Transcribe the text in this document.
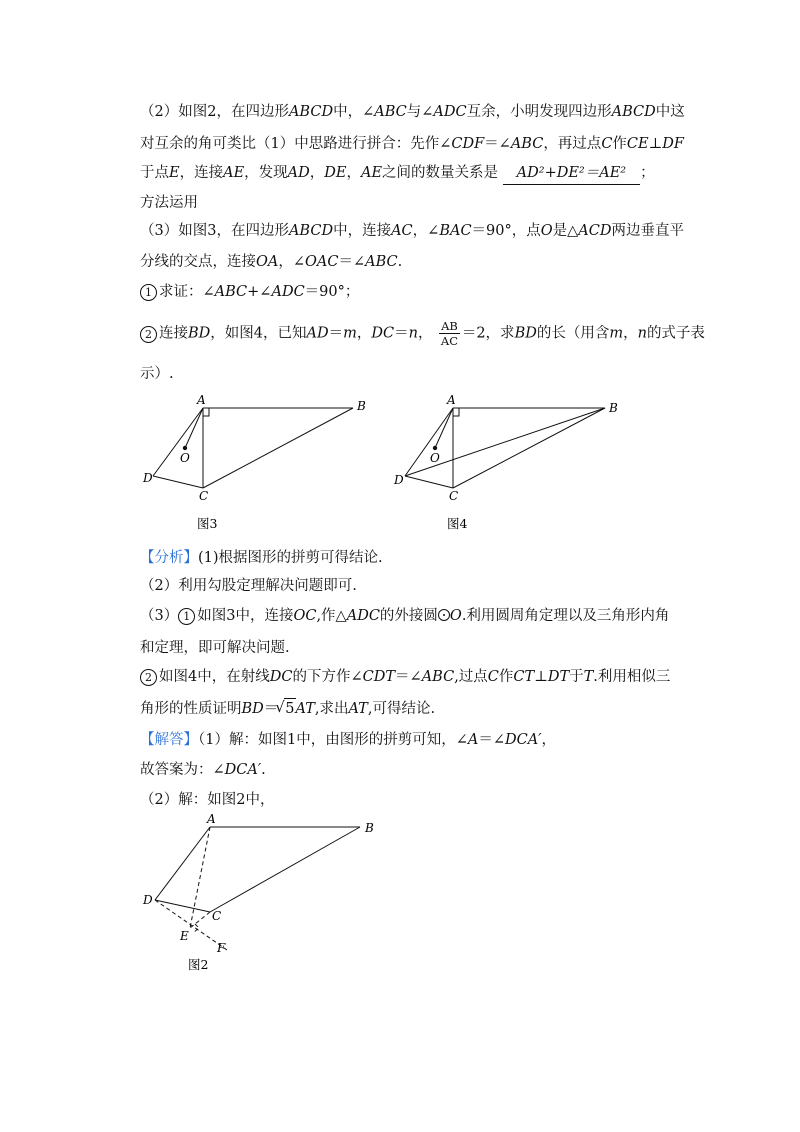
（2）如图2，在四边形ABCD中，∠ABC与∠ADC互余，小明发现四边形ABCD中这
对互余的角可类比（1）中思路进行拼合：先作∠CDF＝∠ABC，再过点C作CE⊥DF
于点E，连接AE，发现AD，DE，AE之间的数量关系是 AD²+DE²＝AE² ；
方法运用
（3）如图3，在四边形ABCD中，连接AC，∠BAC＝90°，点O是△ACD两边垂直平
分线的交点，连接OA，∠OAC＝∠ABC.
1 求证：∠ABC+∠ADC＝90°；
2 连接BD，如图4，已知AD＝m，DC＝n， $\frac{AB}{AC} =2$，求BD的长（用含m，n的式子表
示）.
A	B
C
D
O
图3
A
B
C
D
O
图4
【分析】(1)根据图形的拼剪可得结论.
（2）利用勾股定理解决问题即可.
（3） 1 如图3中，连接OC,作△ADC的外接圆 O.利用圆周角定理以及三角形内角
和定理，即可解决问题.
2 如图4中，在射线DC的下方作∠CDT＝∠ABC,过点C作CT⊥DT于T.利用相似三
角形的性质证明BD＝√ 5AT,求出AT,可得结论.
【解答】（1）解：如图1中，由图形的拼剪可知，∠A＝∠DCA′，
故答案为：∠DCA′.
（2）解：如图2中，
A
B
C
D
E
F
图2
